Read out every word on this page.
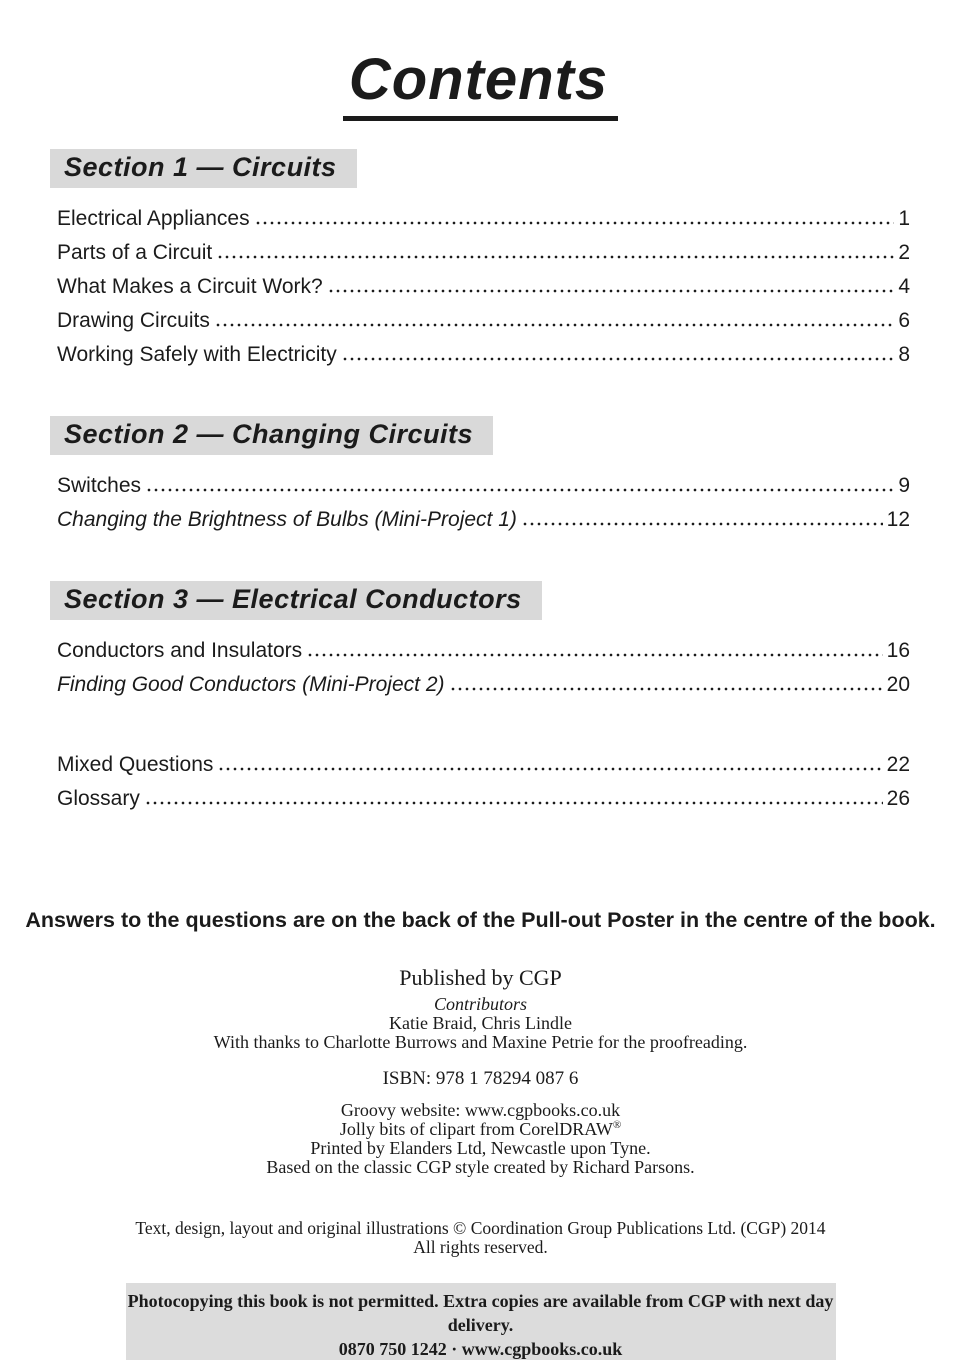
Contents
Section 1 — Circuits
Electrical Appliances	1
Parts of a Circuit	2
What Makes a Circuit Work?	4
Drawing Circuits	6
Working Safely with Electricity	8
Section 2 — Changing Circuits
Switches	9
Changing the Brightness of Bulbs (Mini-Project 1)	12
Section 3 — Electrical Conductors
Conductors and Insulators	16
Finding Good Conductors (Mini-Project 2)	20
Mixed Questions	22
Glossary	26
Answers to the questions are on the back of the Pull-out Poster in the centre of the book.
Published by CGP
Contributors
Katie Braid, Chris Lindle
With thanks to Charlotte Burrows and Maxine Petrie for the proofreading.
ISBN: 978 1 78294 087 6
Groovy website: www.cgpbooks.co.uk
Jolly bits of clipart from CorelDRAW®
Printed by Elanders Ltd, Newcastle upon Tyne.
Based on the classic CGP style created by Richard Parsons.
Text, design, layout and original illustrations © Coordination Group Publications Ltd. (CGP) 2014
All rights reserved.
Photocopying this book is not permitted. Extra copies are available from CGP with next day delivery.
0870 750 1242 · www.cgpbooks.co.uk
